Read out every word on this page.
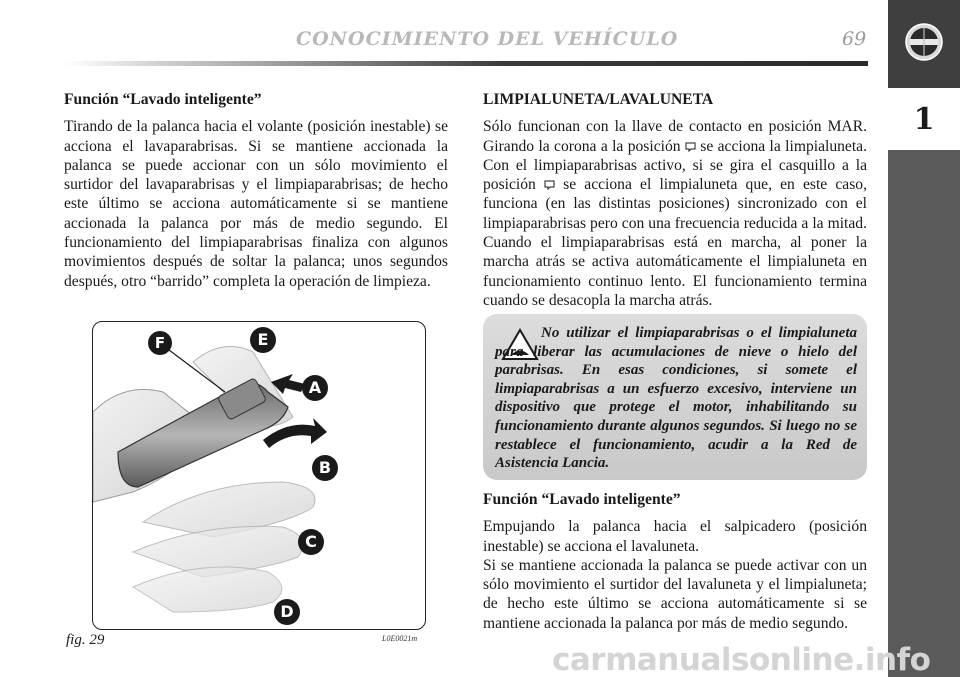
CONOCIMIENTO DEL VEHÍCULO	69
1
Función “Lavado inteligente”

Tirando de la palanca hacia el volante (posición inestable) se acciona el lavaparabrisas. Si se mantiene accionada la palanca se puede accionar con un sólo movimiento el surtidor del lavaparabrisas y el limpiaparabrisas; de hecho este último se acciona automáticamente si se mantiene accionada la palanca por más de medio segundo. El funcionamiento del limpiaparabrisas finaliza con algunos movimientos después de soltar la palanca; unos segundos después, otro “barrido” completa la operación de limpieza.

F	E
A
B
C
D
fig. 29	L0E0021m
LIMPIALUNETA/LAVALUNETA

Sólo funcionan con la llave de contacto en posición MAR. Girando la corona a la posición  se acciona la limpialuneta. Con el limpiaparabrisas activo, si se gira el casquillo a la posición  se acciona el limpialuneta que, en este caso, funciona (en las distintas posiciones) sincronizado con el limpiaparabrisas pero con una frecuencia reducida a la mitad. Cuando el limpiaparabrisas está en marcha, al poner la marcha atrás se activa automáticamente el limpialuneta en funcionamiento continuo lento. El funcionamiento termina cuando se desacopla la marcha atrás.

No utilizar el limpiaparabrisas o el limpialuneta para liberar las acumulaciones de nieve o hielo del parabrisas. En esas condiciones, si somete el limpiaparabrisas a un esfuerzo excesivo, interviene un dispositivo que protege el motor, inhabilitando su funcionamiento durante algunos segundos. Si luego no se restablece el funcionamiento, acudir a la Red de Asistencia Lancia.

Función “Lavado inteligente”

Empujando la palanca hacia el salpicadero (posición inestable) se acciona el lavaluneta.

Si se mantiene accionada la palanca se puede activar con un sólo movimiento el surtidor del lavaluneta y el limpialuneta; de hecho este último se acciona automáticamente si se mantiene accionada la palanca por más de medio segundo.

carmanualsonline.info
